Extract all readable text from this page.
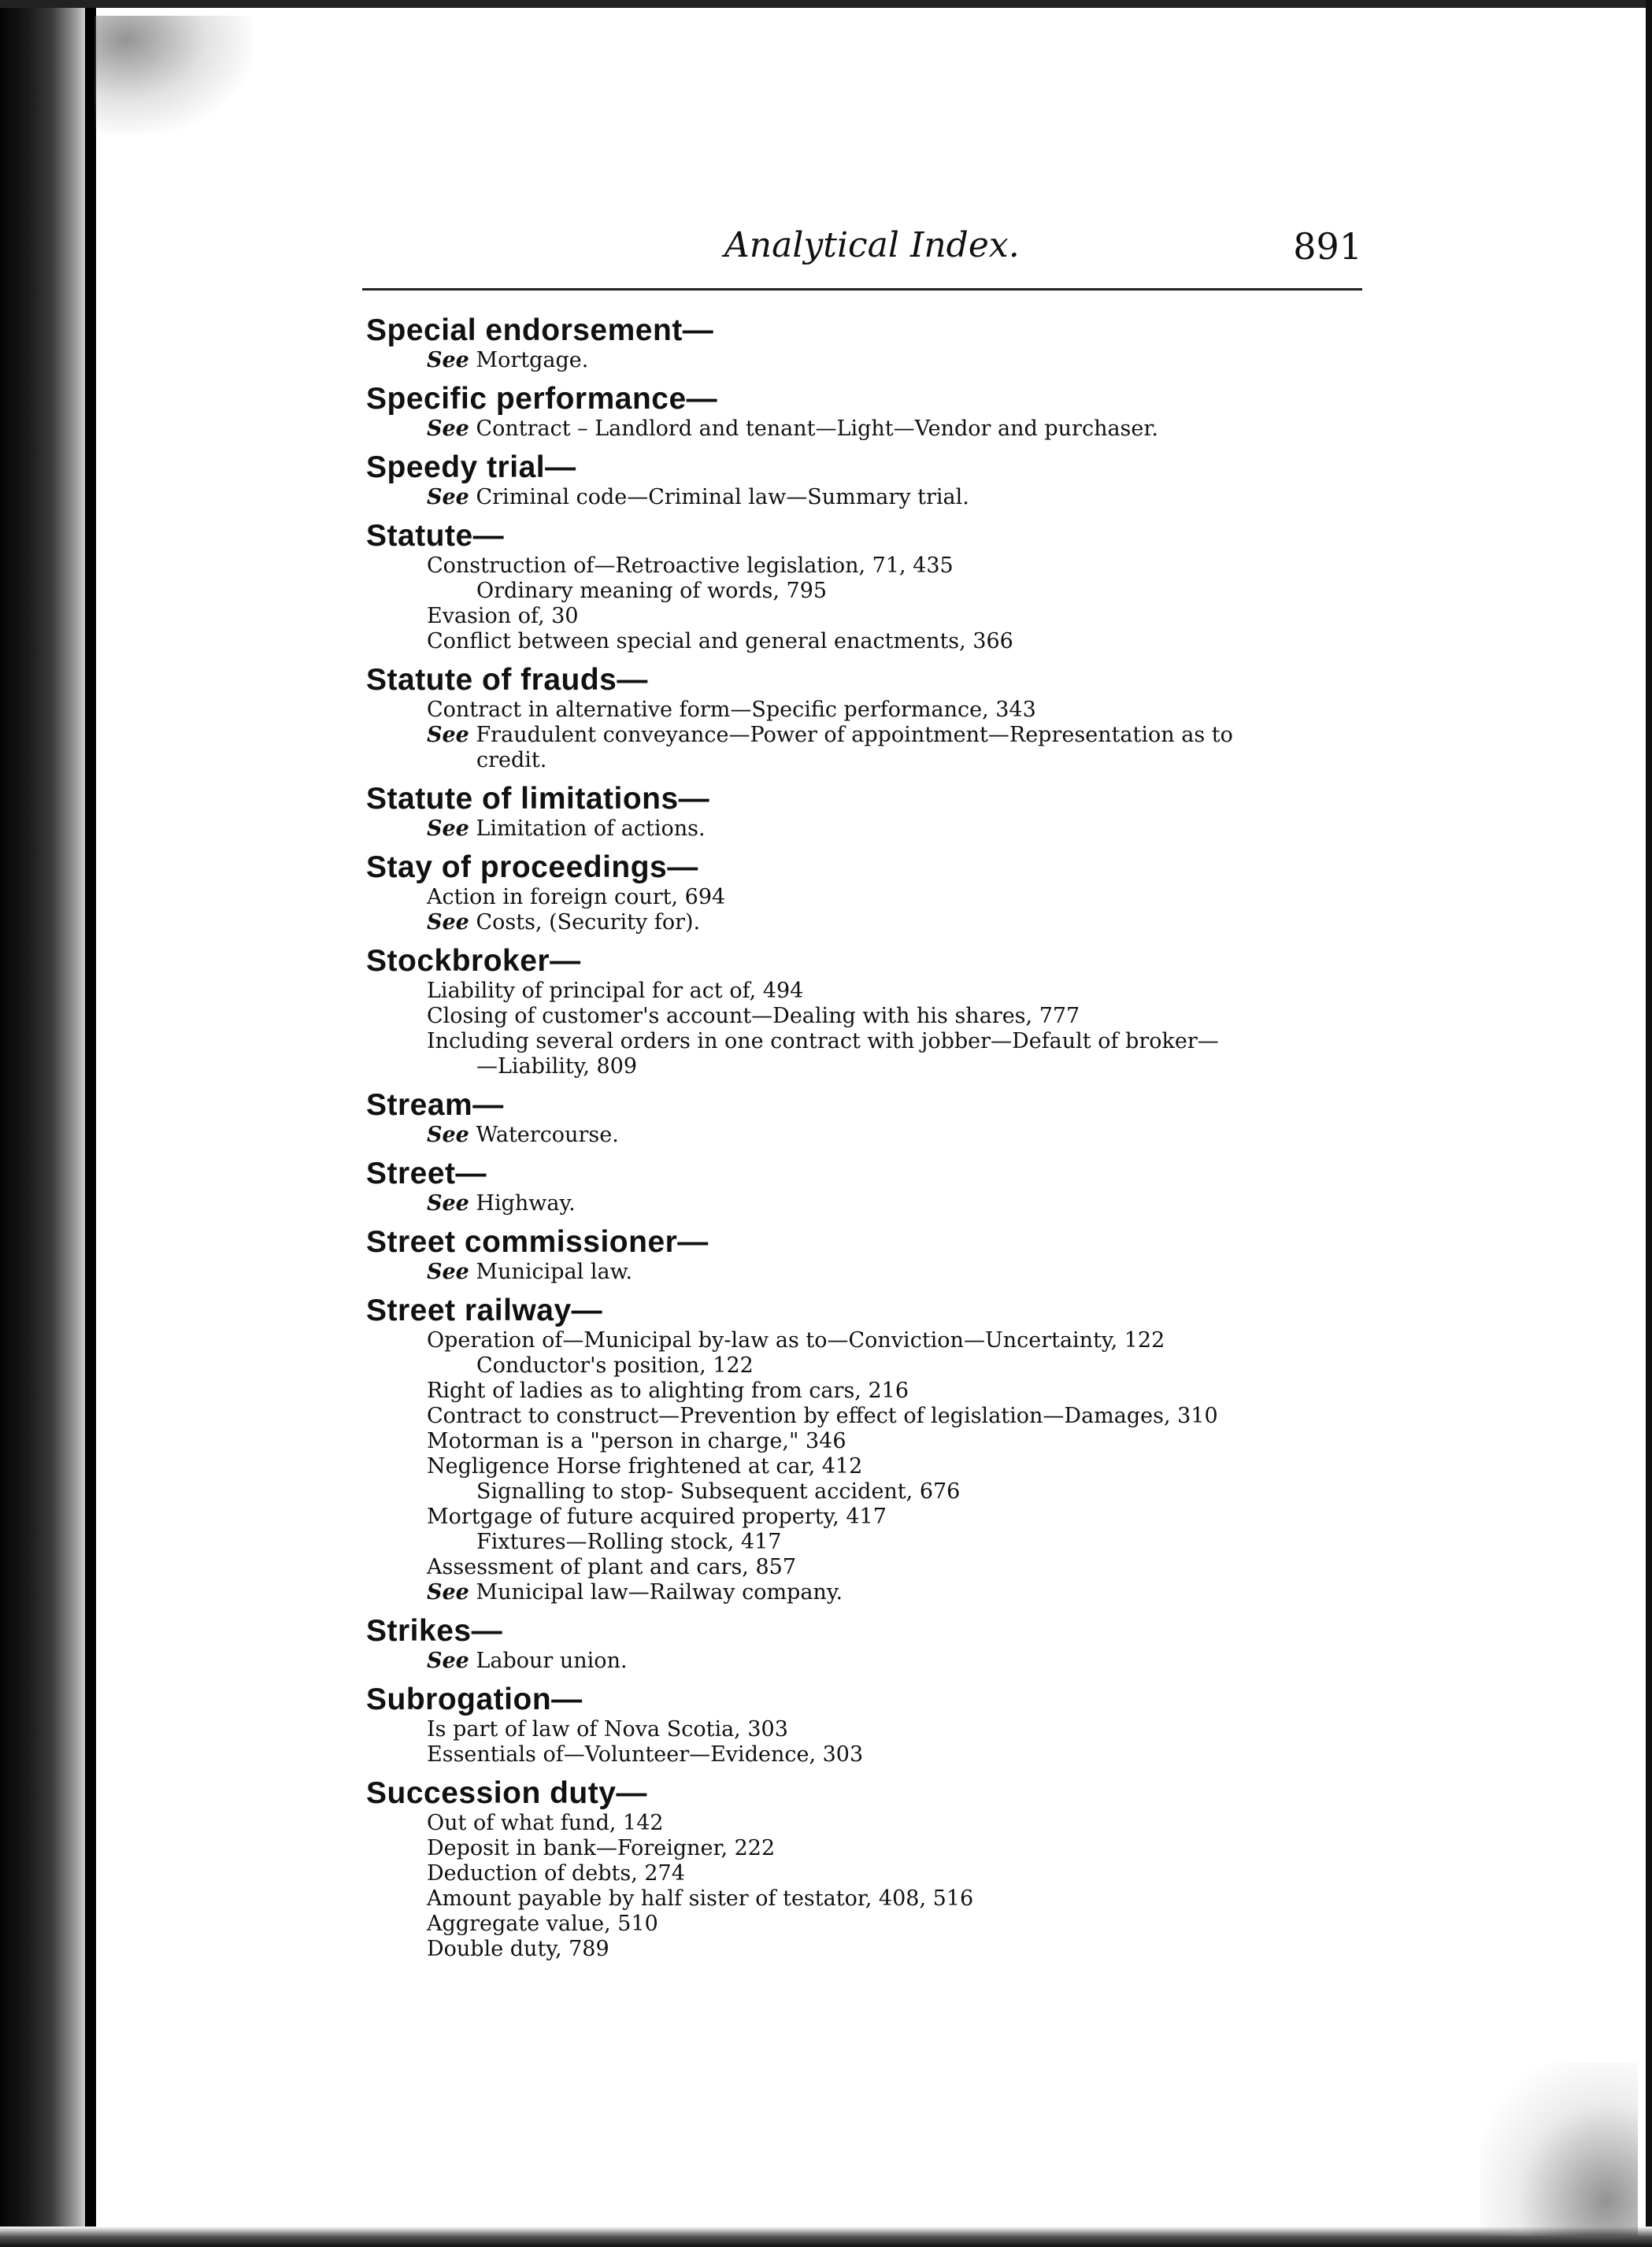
Analytical Index.	891
Special endorsement—
See Mortgage.
Specific performance—
See Contract – Landlord and tenant—Light—Vendor and purchaser.
Speedy trial—
See Criminal code—Criminal law—Summary trial.
Statute—
Construction of—Retroactive legislation, 71, 435
Ordinary meaning of words, 795
Evasion of, 30
Conflict between special and general enactments, 366
Statute of frauds—
Contract in alternative form—Specific performance, 343
See Fraudulent conveyance—Power of appointment—Representation as to
credit.
Statute of limitations—
See Limitation of actions.
Stay of proceedings—
Action in foreign court, 694
See Costs, (Security for).
Stockbroker—
Liability of principal for act of, 494
Closing of customer's account—Dealing with his shares, 777
Including several orders in one contract with jobber—Default of broker—
—Liability, 809
Stream—
See Watercourse.
Street—
See Highway.
Street commissioner—
See Municipal law.
Street railway—
Operation of—Municipal by-law as to—Conviction—Uncertainty, 122
Conductor's position, 122
Right of ladies as to alighting from cars, 216
Contract to construct—Prevention by effect of legislation—Damages, 310
Motorman is a "person in charge," 346
Negligence Horse frightened at car, 412
Signalling to stop- Subsequent accident, 676
Mortgage of future acquired property, 417
Fixtures—Rolling stock, 417
Assessment of plant and cars, 857
See Municipal law—Railway company.
Strikes—
See Labour union.
Subrogation—
Is part of law of Nova Scotia, 303
Essentials of—Volunteer—Evidence, 303
Succession duty—
Out of what fund, 142
Deposit in bank—Foreigner, 222
Deduction of debts, 274
Amount payable by half sister of testator, 408, 516
Aggregate value, 510
Double duty, 789
